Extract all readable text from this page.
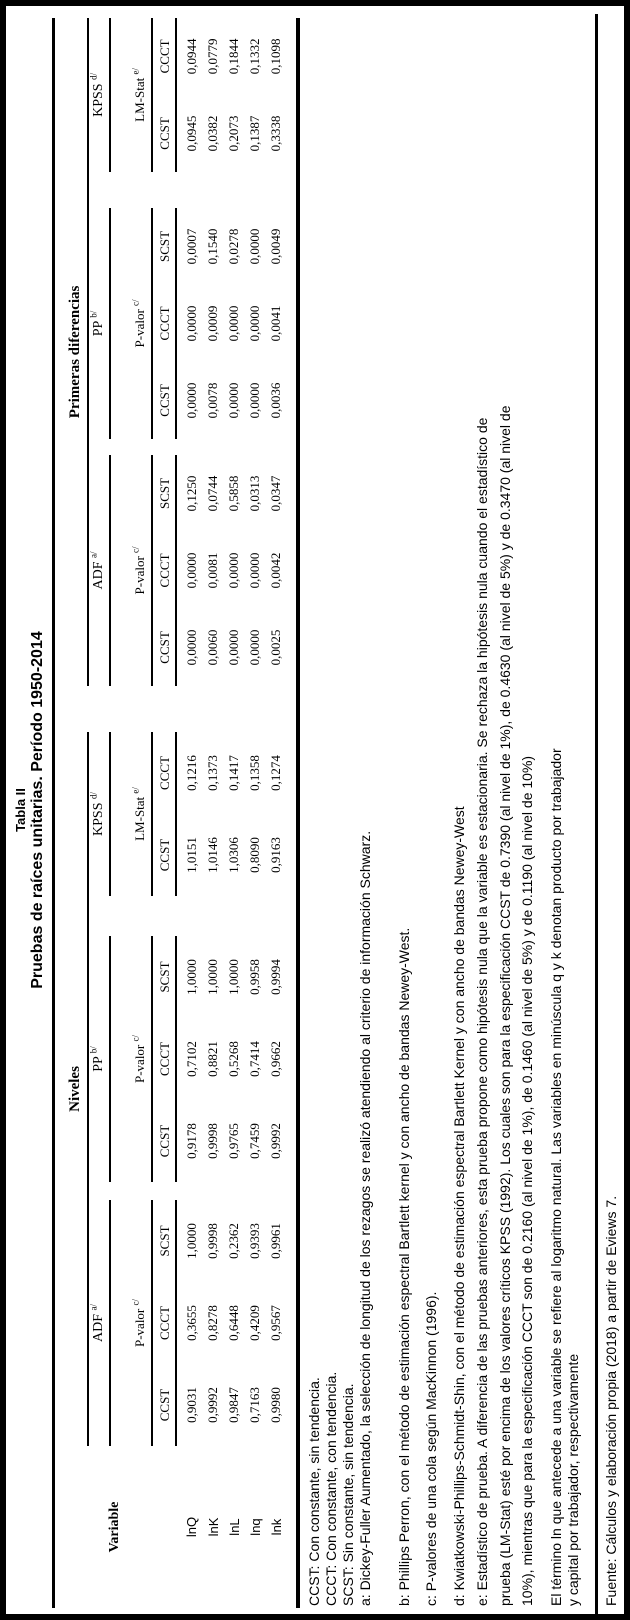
Tabla II Pruebas de raíces unitarias. Período 1950-2014
Variable	Niveles											Primeras diferencias									
	ADF $^{a/}$				PP $^{b/}$				KPSS $^{d/}$			ADF $^{a/}$				PP $^{b/}$				KPSS $^{d/}$
	P-valor $^{c/}$				P-valor $^{c/}$				LM-Stat $^{e/}$			P-valor $^{c/}$				P-valor $^{c/}$				LM-Stat $^{e/}$
	CCST	CCCT	SCST		CCST	CCCT	SCST		CCST	CCCT		CCST	CCCT	SCST		CCST	CCCT	SCST		CCST	CCCT
lnQ	0,9031	0,3655	1,0000		0,9178	0,7102	1,0000		1,0151	0,1216		0,0000	0,0000	0,1250		0,0000	0,0000	0,0007		0,0945	0,0944
lnK	0,9992	0,8278	0,9998		0,9998	0,8821	1,0000		1,0146	0,1373		0,0060	0,0081	0,0744		0,0078	0,0009	0,1540		0,0382	0,0779
lnL	0,9847	0,6448	0,2362		0,9765	0,5268	1,0000		1,0306	0,1417		0,0000	0,0000	0,5858		0,0000	0,0000	0,0278		0,2073	0,1844
lnq	0,7163	0,4209	0,9393		0,7459	0,7414	0,9958		0,8090	0,1358		0,0000	0,0000	0,0313		0,0000	0,0000	0,0000		0,1387	0,1332
lnk	0,9980	0,9567	0,9961		0,9992	0,9662	0,9994		0,9163	0,1274		0,0025	0,0042	0,0347		0,0036	0,0041	0,0049		0,3338	0,1098
CCST: Con constante, sin tendencia. CCCT: Con constante, con tendencia. SCST: Sin constante, sin tendencia. a: Dickey-Fuller Aumentado, la selección de longitud de los rezagos se realizó atendiendo al criterio de información Schwarz. b: Phillips Perron, con el método de estimación espectral Bartlett kernel y con ancho de bandas Newey-West. c: P-valores de una cola según MacKinnon (1996). d: Kwiatkowski-Phillips-Schmidt-Shin, con el método de estimación espectral Bartlett Kernel y con ancho de bandas Newey-West e: Estadístico de prueba. A diferencia de las pruebas anteriores, esta prueba propone como hipótesis nula que la variable es estacionaria. Se rechaza la hipótesis nula cuando el estadístico de prueba (LM-Stat) esté por encima de los valores críticos KPSS (1992). Los cuales son para la especificación CCST de 0.7390 (al nivel de 1%), de 0.4630 (al nivel de 5%) y de 0.3470 (al nivel de 10%), mientras que para la especificación CCCT son de 0.2160 (al nivel de 1%), de 0.1460 (al nivel de 5%) y de 0.1190 (al nivel de 10%) El término ln que antecede a una variable se refiere al logaritmo natural. Las variables en minúscula q y k denotan producto por trabajador y capital por trabajador, respectivamente Fuente: Cálculos y elaboración propia (2018) a partir de Eviews 7.
